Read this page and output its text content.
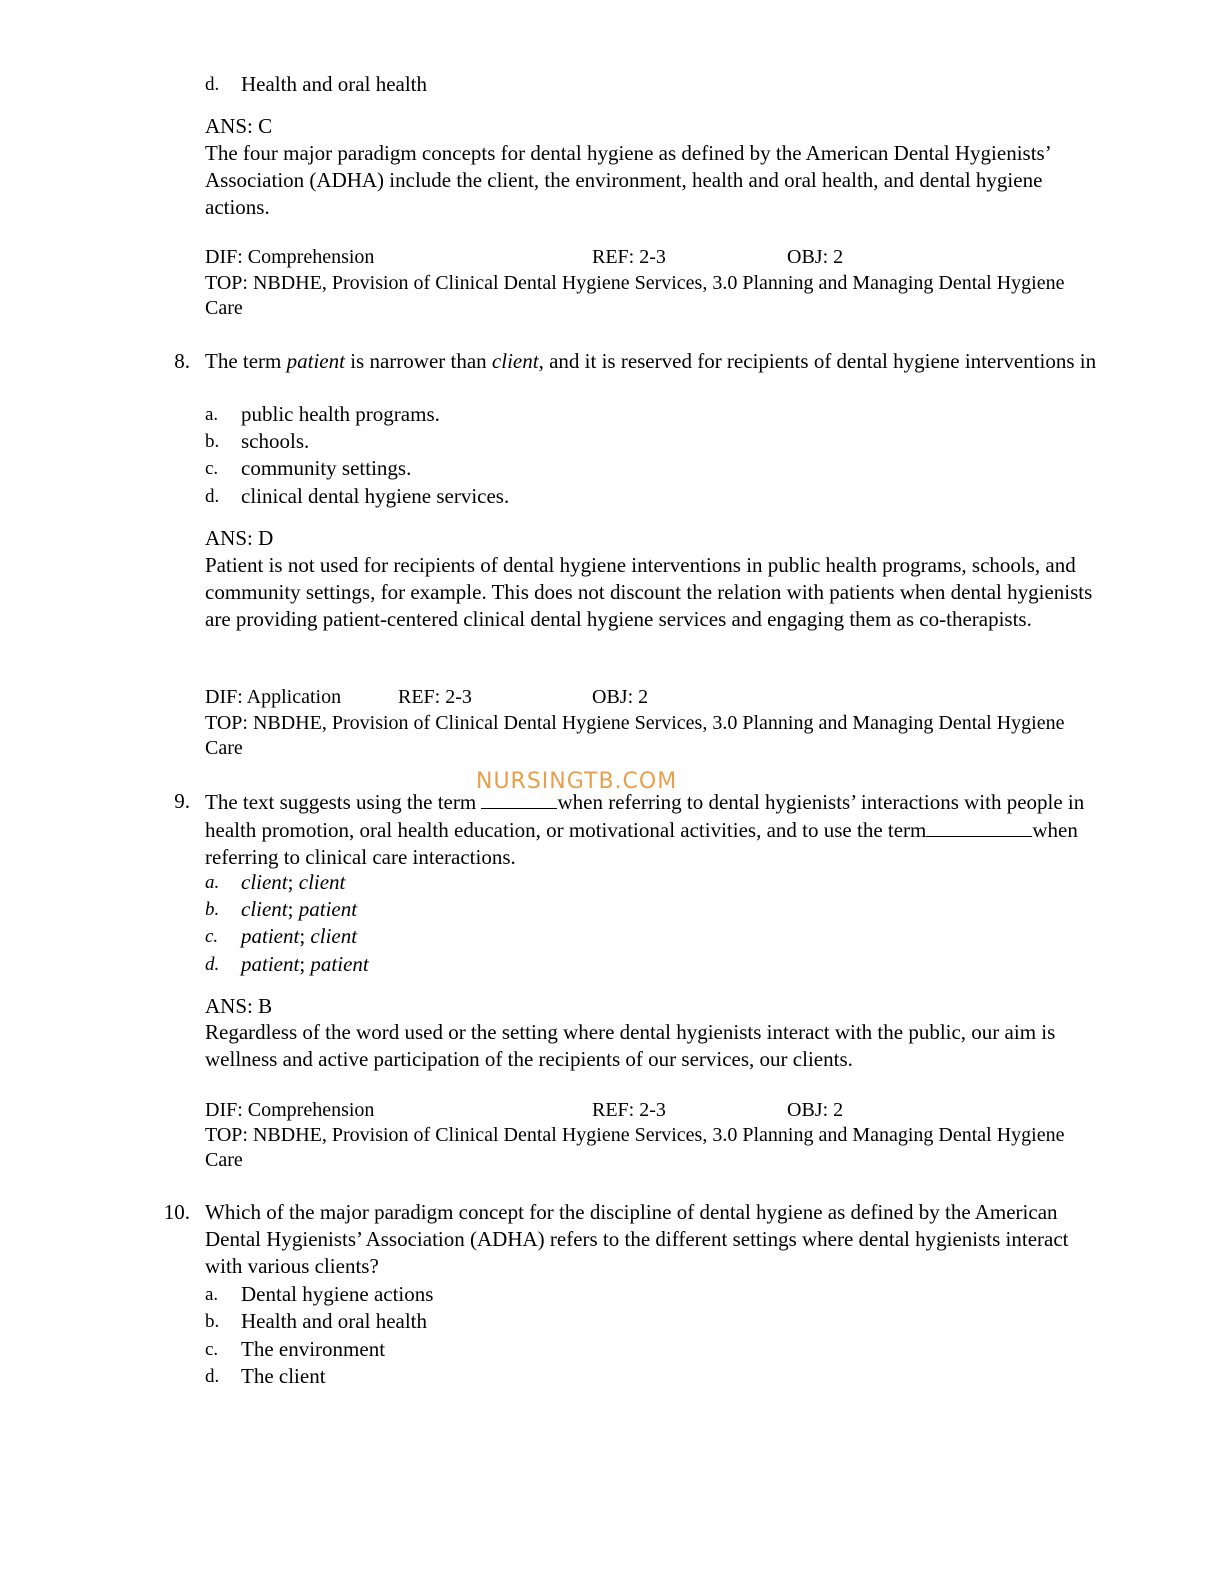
d.	Health and oral health
ANS: C
The four major paradigm concepts for dental hygiene as defined by the American Dental Hygienists’ Association (ADHA) include the client, the environment, health and oral health, and dental hygiene actions.
DIF: Comprehension	REF: 2-3	OBJ: 2
TOP: NBDHE, Provision of Clinical Dental Hygiene Services, 3.0 Planning and Managing Dental Hygiene Care
8. The term patient is narrower than client, and it is reserved for recipients of dental hygiene interventions in
a.	public health programs.
b.	schools.
c.	community settings.
d.	clinical dental hygiene services.
ANS: D
Patient is not used for recipients of dental hygiene interventions in public health programs, schools, and community settings, for example. This does not discount the relation with patients when dental hygienists are providing patient-centered clinical dental hygiene services and engaging them as co-therapists.
DIF: Application	REF: 2-3	OBJ: 2
TOP: NBDHE, Provision of Clinical Dental Hygiene Services, 3.0 Planning and Managing Dental Hygiene Care
NURSINGTB.COM
9. The text suggests using the term	when referring to dental hygienists’ interactions with people in health promotion, oral health education, or motivational activities, and to use the term	when referring to clinical care interactions.
a.	client; client
b.	client; patient
c.	patient; client
d.	patient; patient
ANS: B
Regardless of the word used or the setting where dental hygienists interact with the public, our aim is wellness and active participation of the recipients of our services, our clients.
DIF: Comprehension	REF: 2-3	OBJ: 2
TOP: NBDHE, Provision of Clinical Dental Hygiene Services, 3.0 Planning and Managing Dental Hygiene Care
10. Which of the major paradigm concept for the discipline of dental hygiene as defined by the American Dental Hygienists’ Association (ADHA) refers to the different settings where dental hygienists interact with various clients?
a.	Dental hygiene actions
b.	Health and oral health
c.	The environment
d.	The client
